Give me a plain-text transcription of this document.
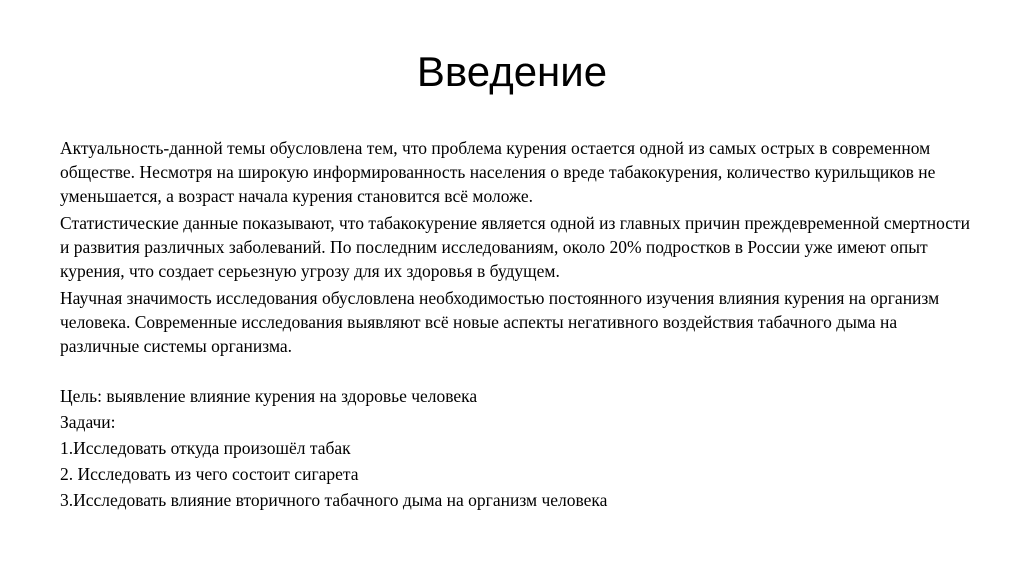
Введение

Актуальность-данной темы обусловлена тем, что проблема курения остается одной из самых острых в современном обществе. Несмотря на широкую информированность населения о вреде табакокурения, количество курильщиков не уменьшается, а возраст начала курения становится всё моложе.

Статистические данные показывают, что табакокурение является одной из главных причин преждевременной смертности и развития различных заболеваний. По последним исследованиям, около 20% подростков в России уже имеют опыт курения, что создает серьезную угрозу для их здоровья в будущем.

Научная значимость исследования обусловлена необходимостью постоянного изучения влияния курения на организм человека. Современные исследования выявляют всё новые аспекты негативного воздействия табачного дыма на различные системы организма.

Цель: выявление влияние курения на здоровье человека

Задачи:

1.Исследовать откуда произошёл табак

2. Исследовать из чего состоит сигарета

3.Исследовать влияние вторичного табачного дыма на организм человека
